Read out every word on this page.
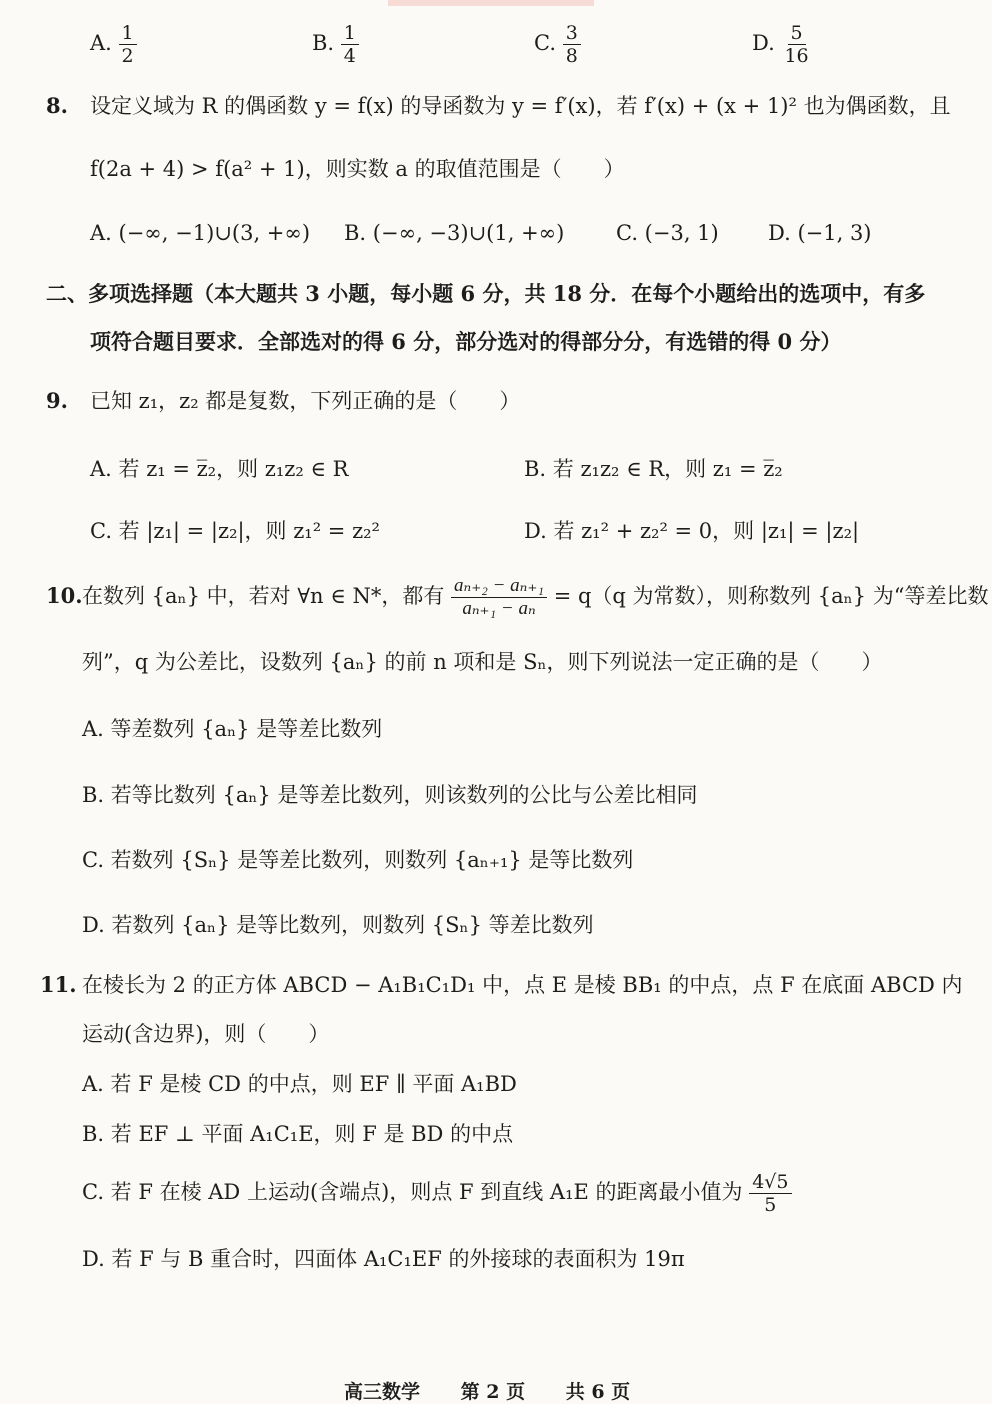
A. $\frac{1}{2}$	B. $\frac{1}{4}$	C. $\frac{3}{8}$	D. $\frac{5}{16}$
8. 设定义域为 R 的偶函数 y = f(x) 的导函数为 y = f′(x)，若 f′(x) + (x + 1)² 也为偶函数，且
f(2a + 4) > f(a² + 1)，则实数 a 的取值范围是（　　）
A. (−∞, −1)∪(3, +∞) B. (−∞, −3)∪(1, +∞) C. (−3, 1) D. (−1, 3)
二、多项选择题（本大题共 3 小题，每小题 6 分，共 18 分．在每个小题给出的选项中，有多
项符合题目要求．全部选对的得 6 分，部分选对的得部分分，有选错的得 0 分）
9. 已知 z₁，z₂ 都是复数，下列正确的是（　　）
A. 若 z₁ = z̅₂，则 z₁z₂ ∈ R	B. 若 z₁z₂ ∈ R，则 z₁ = z̅₂
C. 若 |z₁| = |z₂|，则 z₁² = z₂²	D. 若 z₁² + z₂² = 0，则 |z₁| = |z₂|
10. 在数列 {aₙ} 中，若对 ∀n ∈ N*，都有 $\frac{\text{aₙ₊₂ − aₙ₊₁}}{\text{aₙ₊₁ − aₙ}} = q(q$ 为常数），则称数列 {aₙ} 为“等差比数
列”，q 为公差比，设数列 {aₙ} 的前 n 项和是 Sₙ，则下列说法一定正确的是（　　）
A. 等差数列 {aₙ} 是等差比数列
B. 若等比数列 {aₙ} 是等差比数列，则该数列的公比与公差比相同
C. 若数列 {Sₙ} 是等差比数列，则数列 {aₙ₊₁} 是等比数列
D. 若数列 {aₙ} 是等比数列，则数列 {Sₙ} 等差比数列
11. 在棱长为 2 的正方体 ABCD − A₁B₁C₁D₁ 中，点 E 是棱 BB₁ 的中点，点 F 在底面 ABCD 内
运动(含边界)，则（　　）
A. 若 F 是棱 CD 的中点，则 EF ∥ 平面 A₁BD
B. 若 EF ⊥ 平面 A₁C₁E，则 F 是 BD 的中点
C. 若 F 在棱 AD 上运动(含端点)，则点 F 到直线 A₁E 的距离最小值为 $\frac{4√5}{5}$
D. 若 F 与 B 重合时，四面体 A₁C₁EF 的外接球的表面积为 19π
高三数学 第 2 页 共 6 页
